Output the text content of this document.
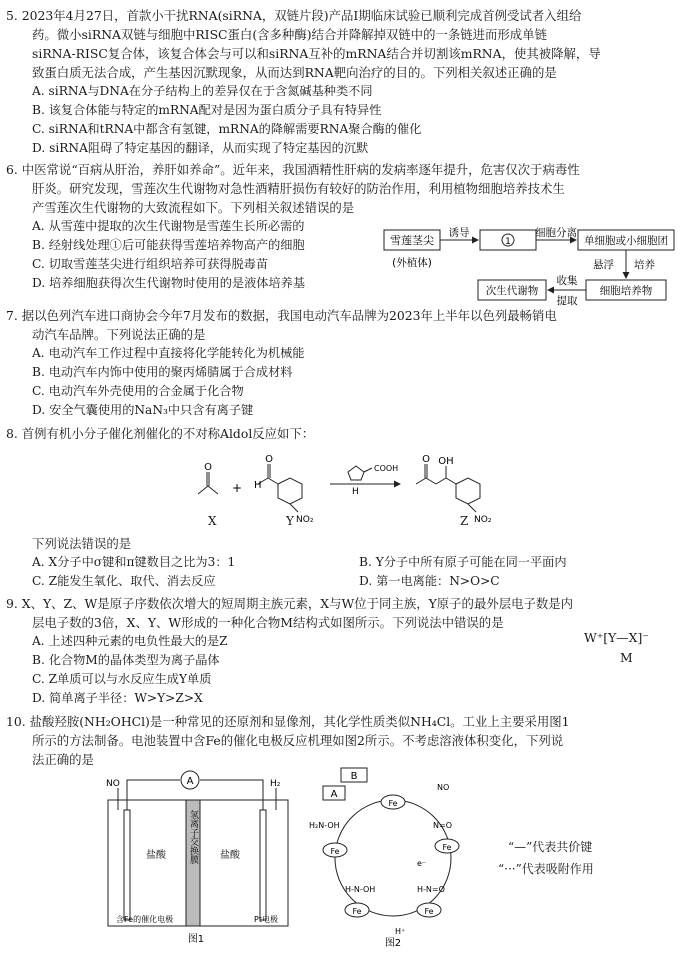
5. 2023年4月27日，首款小干扰RNA(siRNA，双链片段)产品Ⅰ期临床试验已顺利完成首例受试者入组给
药。微小siRNA双链与细胞中RISC蛋白(含多种酶)结合并降解掉双链中的一条链进而形成单链
siRNA-RISC复合体，该复合体会与可以和siRNA互补的mRNA结合并切割该mRNA，使其被降解，导
致蛋白质无法合成，产生基因沉默现象，从而达到RNA靶向治疗的目的。下列相关叙述正确的是
A. siRNA与DNA在分子结构上的差异仅在于含氮碱基种类不同
B. 该复合体能与特定的mRNA配对是因为蛋白质分子具有特异性
C. siRNA和tRNA中都含有氢键，mRNA的降解需要RNA聚合酶的催化
D. siRNA阻碍了特定基因的翻译，从而实现了特定基因的沉默
6. 中医常说“百病从肝治，养肝如养命”。近年来，我国酒精性肝病的发病率逐年提升，危害仅次于病毒性
肝炎。研究发现，雪莲次生代谢物对急性酒精肝损伤有较好的防治作用，利用植物细胞培养技术生
产雪莲次生代谢物的大致流程如下。下列相关叙述错误的是
A. 从雪莲中提取的次生代谢物是雪莲生长所必需的
B. 经射线处理①后可能获得雪莲培养物高产的细胞
C. 切取雪莲茎尖进行组织培养可获得脱毒苗
D. 培养细胞获得次生代谢物时使用的是液体培养基
雪莲茎尖
(外植体)
诱导
1
细胞分离
单细胞或小细胞团
悬浮 培养
细胞培养物
收集
提取
次生代谢物
7. 据以色列汽车进口商协会今年7月发布的数据，我国电动汽车品牌为2023年上半年以色列最畅销电
动汽车品牌。下列说法正确的是
A. 电动汽车工作过程中直接将化学能转化为机械能
B. 电动汽车内饰中使用的聚丙烯腈属于合成材料
C. 电动汽车外壳使用的合金属于化合物
D. 安全气囊使用的NaN₃中只含有离子键
8. 首例有机小分子催化剂催化的不对称Aldol反应如下：
O
+
O
H
NO₂
COOH
H
O OH
NO₂
X	Y	Z
下列说法错误的是
A. X分子中σ键和π键数目之比为3：1	B. Y分子中所有原子可能在同一平面内
C. Z能发生氧化、取代、消去反应	D. 第一电离能：N>O>C
9. X、Y、Z、W是原子序数依次增大的短周期主族元素，X与W位于同主族，Y原子的最外层电子数是内
层电子数的3倍，X、Y、W形成的一种化合物M结构式如图所示。下列说法中错误的是
A. 上述四种元素的电负性最大的是Z
B. 化合物M的晶体类型为离子晶体
C. Z单质可以与水反应生成Y单质
D. 简单离子半径：W>Y>Z>X
W⁺[Y—X]⁻
M
10. 盐酸羟胺(NH₂OHCl)是一种常见的还原剂和显像剂，其化学性质类似NH₄Cl。工业上主要采用图1
所示的方法制备。电池装置中含Fe的催化电极反应机理如图2所示。不考虑溶液体积变化，下列说
法正确的是
A
NO	H₂
盐酸	盐酸
氢离子交换膜
含Fe的催化电极	Pt电极
图1
A
B
Fe
Fe
Fe
Fe
Fe
NO
N=O
H-N=O
H-N-OH
H₂N-OH
e⁻
H⁺
图2
“—”代表共价键
“···”代表吸附作用
